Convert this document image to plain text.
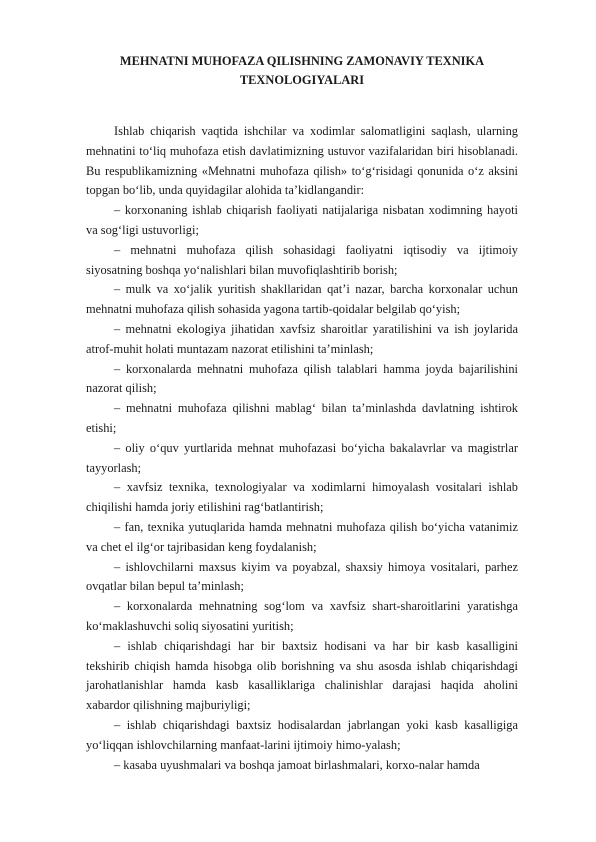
MEHNATNI MUHOFAZA QILISHNING ZAMONAVIY TEXNIKA TEXNOLOGIYALARI

Ishlab chiqarish vaqtida ishchilar va xodimlar salomatligini saqlash, ularning mehnatini to‘liq muhofaza etish davlatimizning ustuvor vazifalaridan biri hisoblanadi. Bu respublikamizning «Mehnatni muhofaza qilish» to‘g‘risidagi qonunida o‘z aksini topgan bo‘lib, unda quyidagilar alohida ta’kidlangandir:

– korxonaning ishlab chiqarish faoliyati natijalariga nisbatan xodimning hayoti va sog‘ligi ustuvorligi;

– mehnatni muhofaza qilish sohasidagi faoliyatni iqtisodiy va ijtimoiy siyosatning boshqa yo‘nalishlari bilan muvofiqlashtirib borish;

– mulk va xo‘jalik yuritish shakllaridan qat’i nazar, barcha korxonalar uchun mehnatni muhofaza qilish sohasida yagona tartib-qoidalar belgilab qo‘yish;

– mehnatni ekologiya jihatidan xavfsiz sharoitlar yaratilishini va ish joylarida atrof-muhit holati muntazam nazorat etilishini ta’minlash;

– korxonalarda mehnatni muhofaza qilish talablari hamma joyda bajarilishini nazorat qilish;

– mehnatni muhofaza qilishni mablag‘ bilan ta’minlashda davlatning ishtirok etishi;

– oliy o‘quv yurtlarida mehnat muhofazasi bo‘yicha bakalavrlar va magistrlar tayyorlash;

– xavfsiz texnika, texnologiyalar va xodimlarni himoyalash vositalari ishlab chiqilishi hamda joriy etilishini rag‘batlantirish;

– fan, texnika yutuqlarida hamda mehnatni muhofaza qilish bo‘yicha vatanimiz va chet el ilg‘or tajribasidan keng foydalanish;

– ishlovchilarni maxsus kiyim va poyabzal, shaxsiy himoya vositalari, parhez ovqatlar bilan bepul ta’minlash;

– korxonalarda mehnatning sog‘lom va xavfsiz shart-sharoitlarini yaratishga ko‘maklashuvchi soliq siyosatini yuritish;

– ishlab chiqarishdagi har bir baxtsiz hodisani va har bir kasb kasalligini tekshirib chiqish hamda hisobga olib borishning va shu asosda ishlab chiqarishdagi jarohatlanishlar hamda kasb kasalliklariga chalinishlar darajasi haqida aholini xabardor qilishning majburiyligi;

– ishlab chiqarishdagi baxtsiz hodisalardan jabrlangan yoki kasb kasalligiga yo‘liqqan ishlovchilarning manfaat-larini ijtimoiy himo-yalash;

– kasaba uyushmalari va boshqa jamoat birlashmalari, korxo-nalar hamda
